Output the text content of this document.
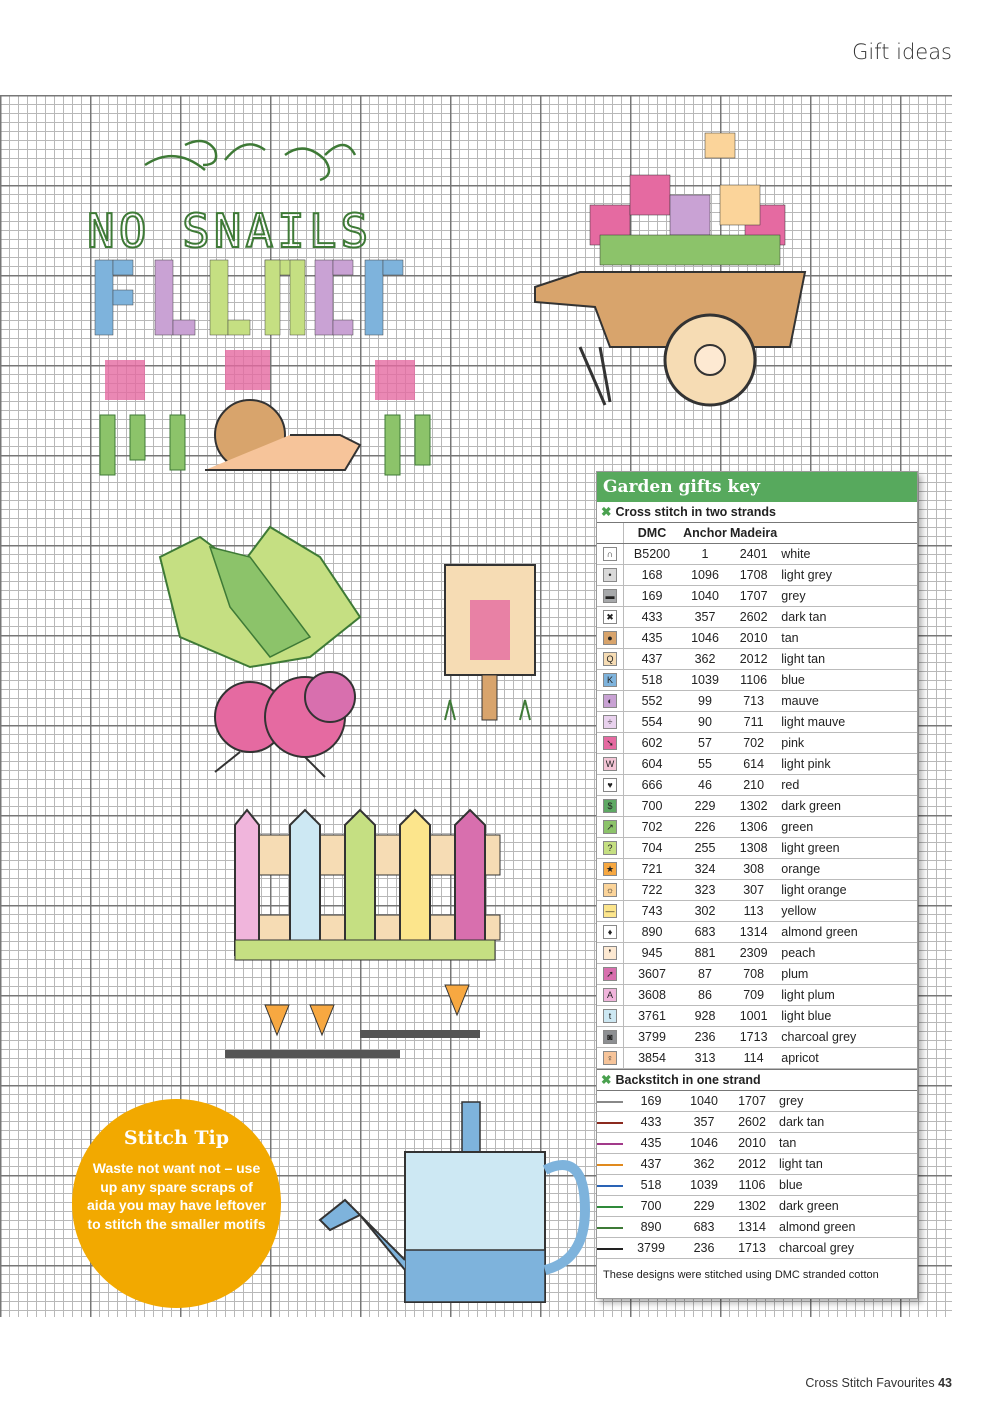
Gift ideas
NO SNAILS
Garden gifts key
✖ Cross stitch in two strands
	DMC	Anchor	Madeira	
∩	B5200	1	2401	white
•	168	1096	1708	light grey
▬	169	1040	1707	grey
✖	433	357	2602	dark tan
●	435	1046	2010	tan
Q	437	362	2012	light tan
K	518	1039	1106	blue
◐	552	99	713	mauve
÷	554	90	711	light mauve
➘	602	57	702	pink
W	604	55	614	light pink
♥	666	46	210	red
$	700	229	1302	dark green
↗	702	226	1306	green
?	704	255	1308	light green
★	721	324	308	orange
☼	722	323	307	light orange
—	743	302	113	yellow
♦	890	683	1314	almond green
❜	945	881	2309	peach
➚	3607	87	708	plum
A	3608	86	709	light plum
t	3761	928	1001	light blue
◙	3799	236	1713	charcoal grey
♀	3854	313	114	apricot
✖ Backstitch in one strand
	169	1040	1707	grey
	433	357	2602	dark tan
	435	1046	2010	tan
	437	362	2012	light tan
	518	1039	1106	blue
	700	229	1302	dark green
	890	683	1314	almond green
	3799	236	1713	charcoal grey
These designs were stitched using DMC stranded cotton
Stitch Tip
Waste not want not – use up any spare scraps of aida you may have leftover to stitch the smaller motifs
Cross Stitch Favourites 43
